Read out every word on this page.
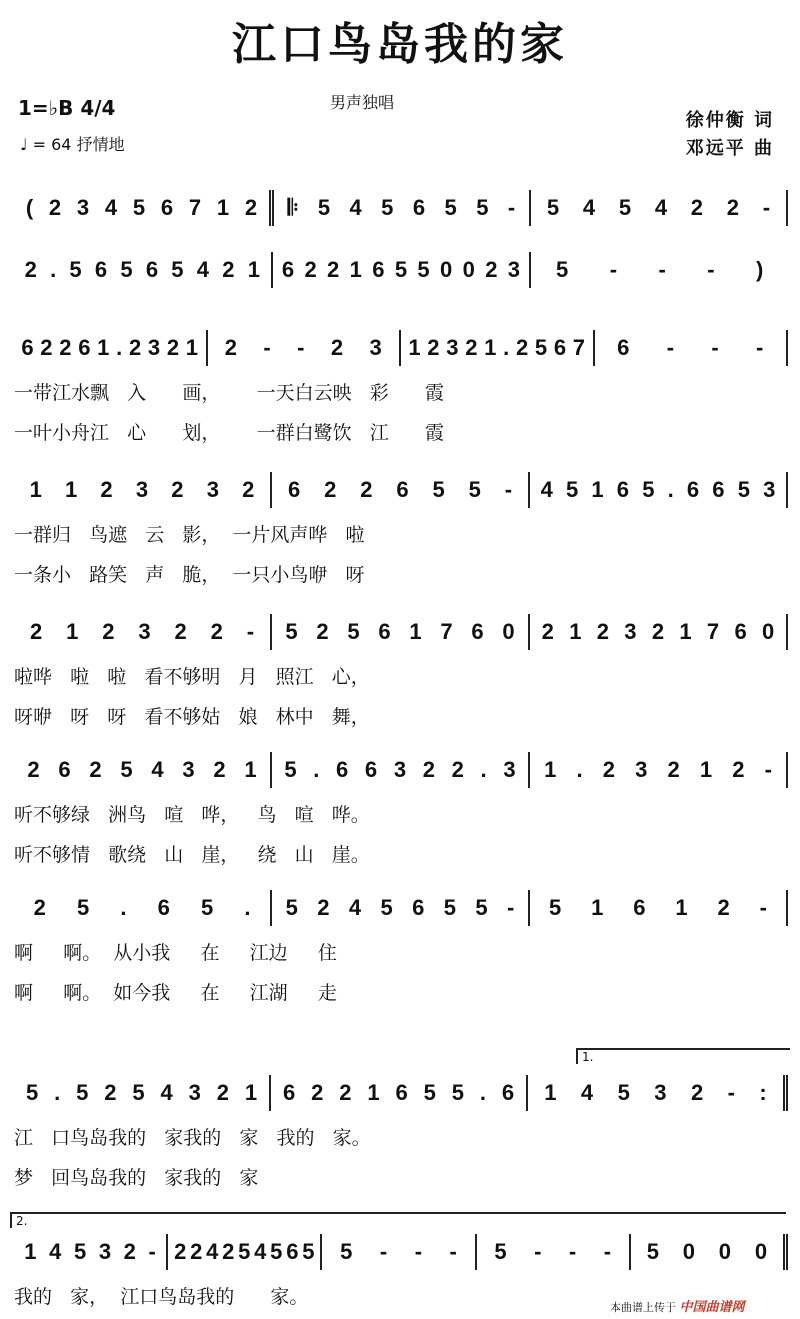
江口鸟岛我的家
男声独唱
1=♭B 4/4
♩ = 64 抒情地
徐仲衡 词
邓远平 曲
( 2 3 4 5 6 7 1 2 𝄆 5 4 5 6 5 5 - 5 4 5 4 2 2 -
2 . 5 6 5 6 5 4 2 1 6 2 2 1 6 5 5 0 0 2 3 5 - - - )
6 2 2 6 1 . 2 3 2 1 2 - - 2 3 1 2 3 2 1 . 2 5 6 7 6 - - -
一带江水飘   入      画，      一天白云映   彩      霞
一叶小舟江   心      划，      一群白鹭饮   江      霞
1 1 2 3 2 3 2 6 2 2 6 5 5 - 4 5 1 6 5 . 6 6 5 3
一群归   鸟遮   云   影，  一片风声哗   啦
一条小   路笑   声   脆，  一只小鸟咿   呀
2 1 2 3 2 2 - 5 2 5 6 1 7 6 0 2 1 2 3 2 1 7 6 0
啦哗   啦   啦   看不够明   月   照江   心，
呀咿   呀   呀   看不够姑   娘   林中   舞，
2 6 2 5 4 3 2 1 5 . 6 6 3 2 2 . 3 1 . 2 3 2 1 2 -
听不够绿   洲鸟   喧   哗，   鸟   喧   哗。
听不够情   歌绕   山   崖，   绕   山   崖。
2 5 . 6 5 . 5 2 4 5 6 5 5 - 5 1 6 1 2 -
啊     啊。  从小我     在     江边     住
啊     啊。  如今我     在     江湖     走
5 . 5 2 5 4 3 2 1 6 2 2 1 6 5 5 . 6 1 4 5 3 2 - :
江   口鸟岛我的   家我的   家   我的   家。
梦   回鸟岛我的   家我的   家
1 4 5 3 2 - 2 2 4 2 5 4 5 6 5 5 - - - 5 - - - 5 0 0 0
我的   家，  江口鸟岛我的      家。
1.
2.
本曲谱上传于 中国曲谱网
